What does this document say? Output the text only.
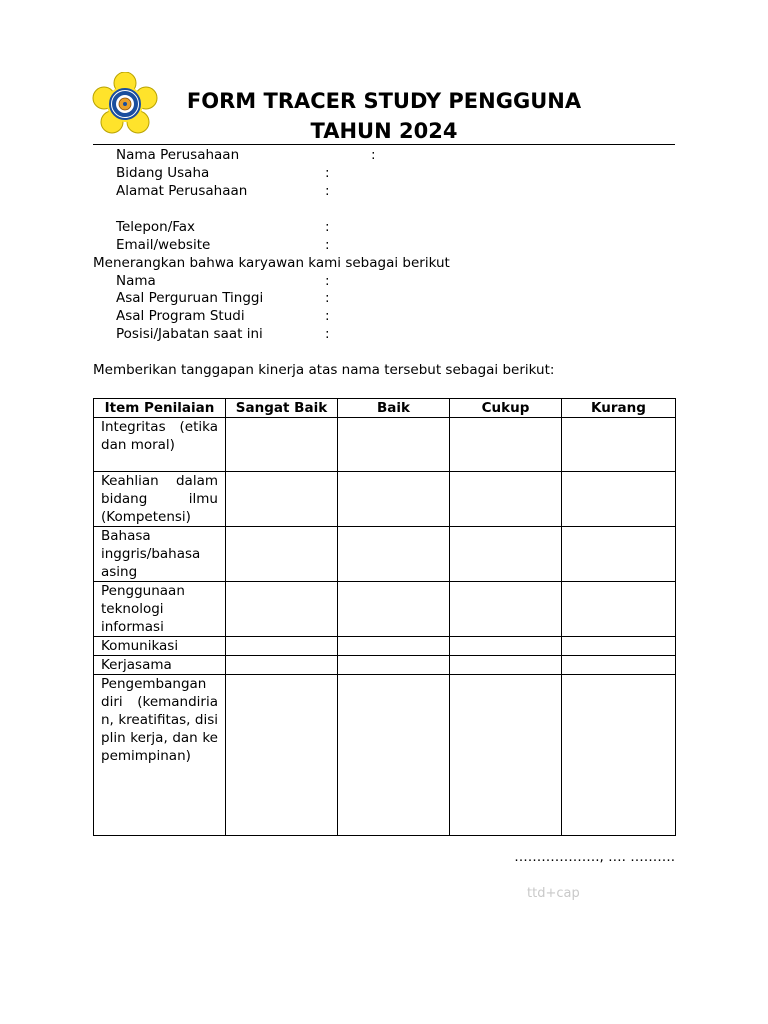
FORM TRACER STUDY PENGGUNA
TAHUN 2024
Nama Perusahaan	:
Bidang Usaha	:
Alamat Perusahaan	:
Telepon/Fax	:
Email/website	:
Menerangkan bahwa karyawan kami sebagai berikut
Nama	:
Asal Perguruan Tinggi	:
Asal Program Studi	:
Posisi/Jabatan saat ini	:
Memberikan tanggapan kinerja atas nama tersebut sebagai berikut:
Item Penilaian	Sangat Baik	Baik	Cukup	Kurang
Integritas (etika dan moral)				
Keahlian dalam bidang ilmu (Kompetensi)				
Bahasa inggris/bahasa asing				
Penggunaan teknologi informasi				
Komunikasi				
Kerjasama				
Pengembangan diri (kemandirian, kreatifitas, disiplin kerja, dan kepemimpinan)				
………………., …. ……….
ttd+cap
